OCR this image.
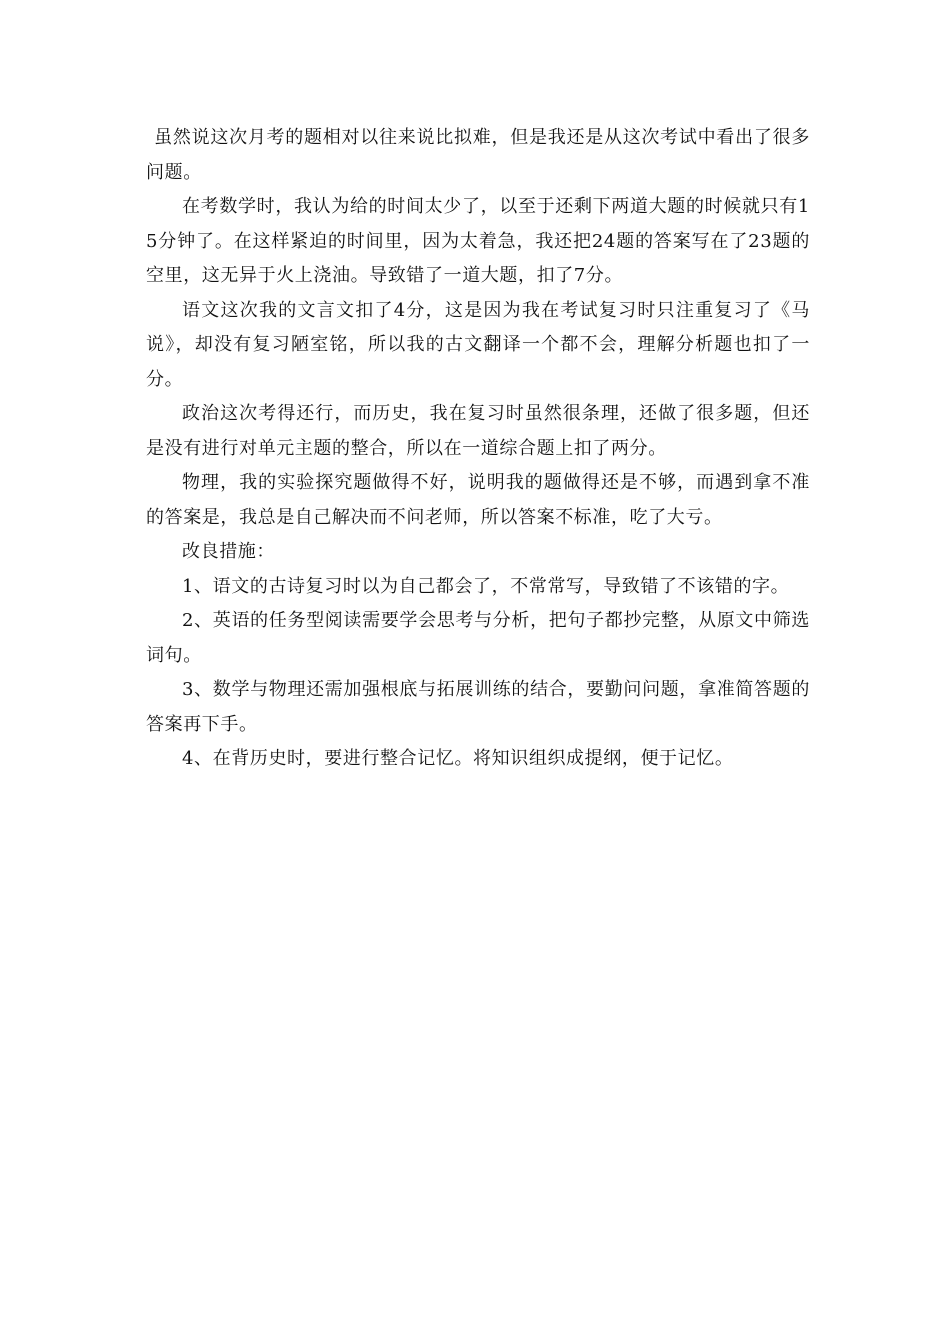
虽然说这次月考的题相对以往来说比拟难，但是我还是从这次考试中看出了很多问题。

在考数学时，我认为给的时间太少了，以至于还剩下两道大题的时候就只有15分钟了。在这样紧迫的时间里，因为太着急，我还把24题的答案写在了23题的空里，这无异于火上浇油。导致错了一道大题，扣了7分。

语文这次我的文言文扣了4分，这是因为我在考试复习时只注重复习了《马说》，却没有复习陋室铭，所以我的古文翻译一个都不会，理解分析题也扣了一分。

政治这次考得还行，而历史，我在复习时虽然很条理，还做了很多题，但还是没有进行对单元主题的整合，所以在一道综合题上扣了两分。

物理，我的实验探究题做得不好，说明我的题做得还是不够，而遇到拿不准的答案是，我总是自己解决而不问老师，所以答案不标准，吃了大亏。

改良措施：

1、语文的古诗复习时以为自己都会了，不常常写，导致错了不该错的字。

2、英语的任务型阅读需要学会思考与分析，把句子都抄完整，从原文中筛选词句。

3、数学与物理还需加强根底与拓展训练的结合，要勤问问题，拿准简答题的答案再下手。

4、在背历史时，要进行整合记忆。将知识组织成提纲，便于记忆。
